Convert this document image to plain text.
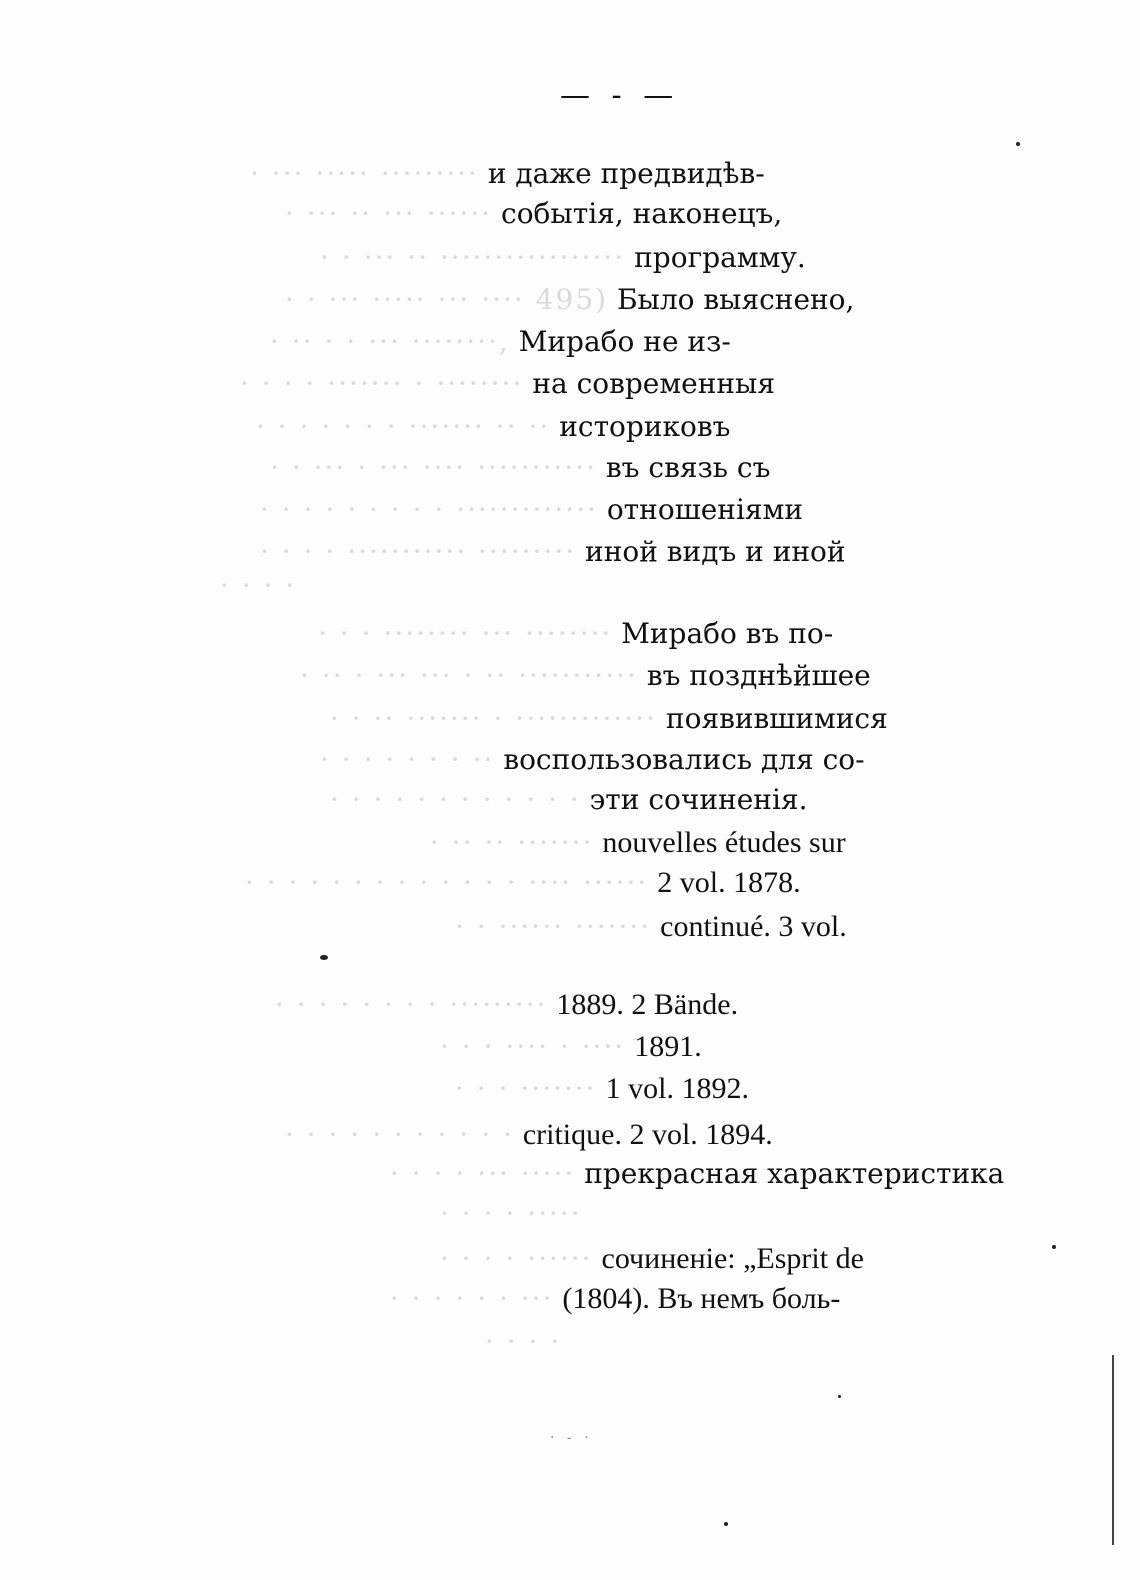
— - —
· ··· ····· ········· и даже предвидѣв-
· ··· ·· ··· ······ событія, наконецъ,
· · ··· ·· ················· программу.
· · ··· ····· ··· ···· 495) Было выяснено,
· ·· · · ··· ········, Мирабо не из-
· · · · ······· · ········ на современныя
· · · · · · · ······· ·· ·· историковъ
· · ··· · ··· ···· ··········· въ связь съ
· · · · · · · · · ············· отношеніями
· · · · ··········· ········· иной видъ и иной
· · · ·
· · · ········ ··· ········ Мирабо въ по-
· ·· · ··· ··· · ·· ··········· въ позднѣйшее
· · ·· ······· · ············· появившимися
· · · · · · · ·· воспользовались для со-
· · · · · · · · · · · · эти сочиненія.
· ·· ·· ······· nouvelles études sur
· · · · · · · · · · · · · ···· ······ 2 vol. 1878.
· · ······ ······· continué. 3 vol.
· · · · · · · · ········· 1889. 2 Bände.
· · · ···· · ···· 1891.
· · · ······· 1 vol. 1892.
· · · · · · · · · · · critique. 2 vol. 1894.
· · · · ··· ····· прекрасная характеристика
· · · · ·····
· · · · ······ сочиненіе: „Esprit de
· · · · · · ··· (1804). Въ немъ боль-
· · · ·
· - ·
